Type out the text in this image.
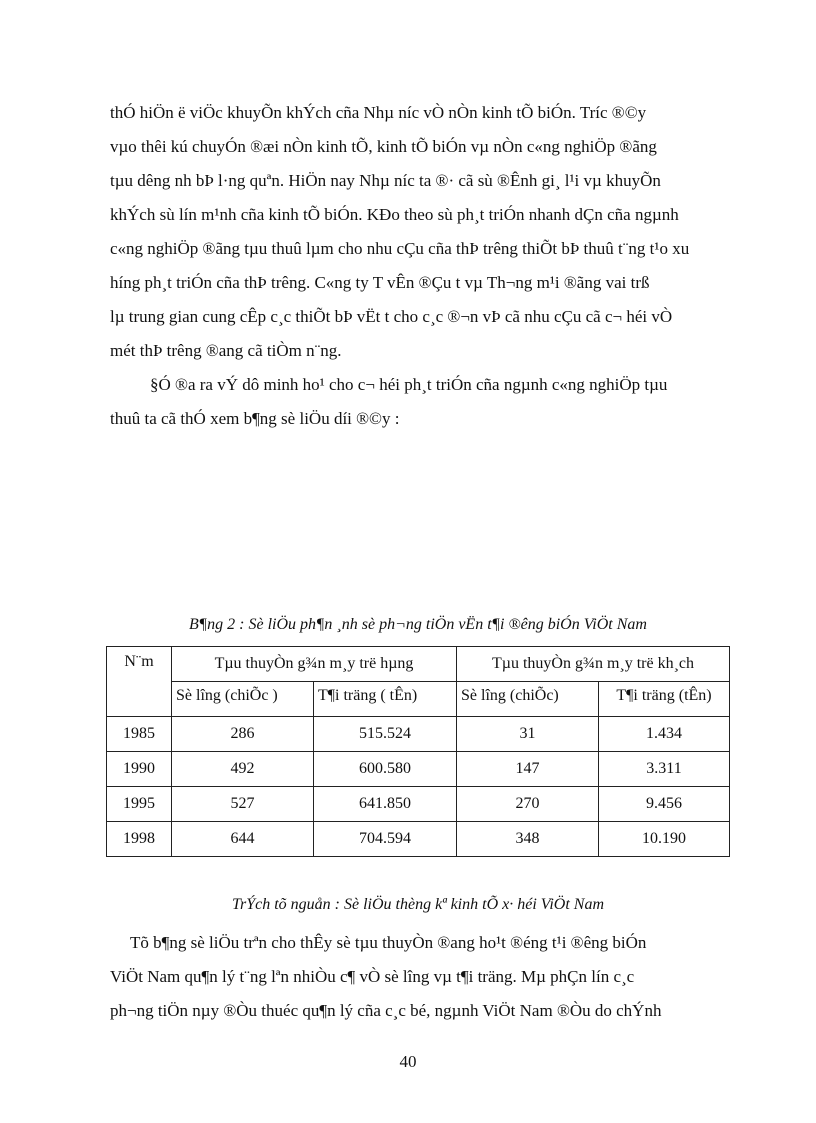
thÓ hiÖn ë viÖc khuyÕn khÝch cña Nhµ níc vÒ nÒn kinh tÕ biÓn. Tríc ®©y
vµo thêi kú chuyÓn ®æi nÒn kinh tÕ, kinh tÕ biÓn vµ nÒn c«ng nghiÖp ®ãng
tµu dêng nh bÞ l·ng quªn. HiÖn nay Nhµ níc ta ®· cã sù ®Ênh gi¸ l¹i vµ khuyÕn
khÝch sù lín m¹nh cña kinh tÕ biÓn. KÐo theo sù ph¸t triÓn nhanh dÇn cña ngµnh
c«ng nghiÖp ®ãng tµu thuû lµm cho nhu cÇu cña thÞ trêng thiÕt bÞ thuû t¨ng t¹o xu
híng ph¸t triÓn cña thÞ trêng. C«ng ty T vÊn ®Çu t vµ Th¬ng m¹i ®ãng vai trß
lµ trung gian cung cÊp c¸c thiÕt bÞ vËt t cho c¸c ®¬n vÞ cã nhu cÇu cã c¬ héi vÒ
mét thÞ trêng ®ang cã tiÒm n¨ng.
§Ó ®a ra vÝ dô minh ho¹ cho c¬ héi ph¸t triÓn cña ngµnh c«ng nghiÖp tµu
thuû ta cã thÓ xem b¶ng sè liÖu díi ®©y :
B¶ng 2 : Sè liÖu ph¶n ¸nh sè ph¬ng tiÖn vËn t¶i ®êng biÓn ViÖt Nam
N¨m	Tµu thuyÒn g¾n m¸y trë hµng		Tµu thuyÒn g¾n m¸y trë kh¸ch	
	Sè lîng (chiÕc )	T¶i träng ( tÊn)	Sè lîng (chiÕc)	T¶i träng (tÊn)
1985	286	515.524	31	1.434
1990	492	600.580	147	3.311
1995	527	641.850	270	9.456
1998	644	704.594	348	10.190
TrÝch tõ nguån : Sè liÖu thèng kª kinh tÕ x· héi ViÖt Nam
Tõ b¶ng sè liÖu trªn cho thÊy sè tµu thuyÒn ®ang ho¹t ®éng t¹i ®êng biÓn
ViÖt Nam qu¶n lý t¨ng lªn nhiÒu c¶ vÒ sè lîng vµ t¶i träng. Mµ phÇn lín c¸c
ph¬ng tiÖn nµy ®Òu thuéc qu¶n lý cña c¸c bé, ngµnh ViÖt Nam ®Òu do chÝnh
40
